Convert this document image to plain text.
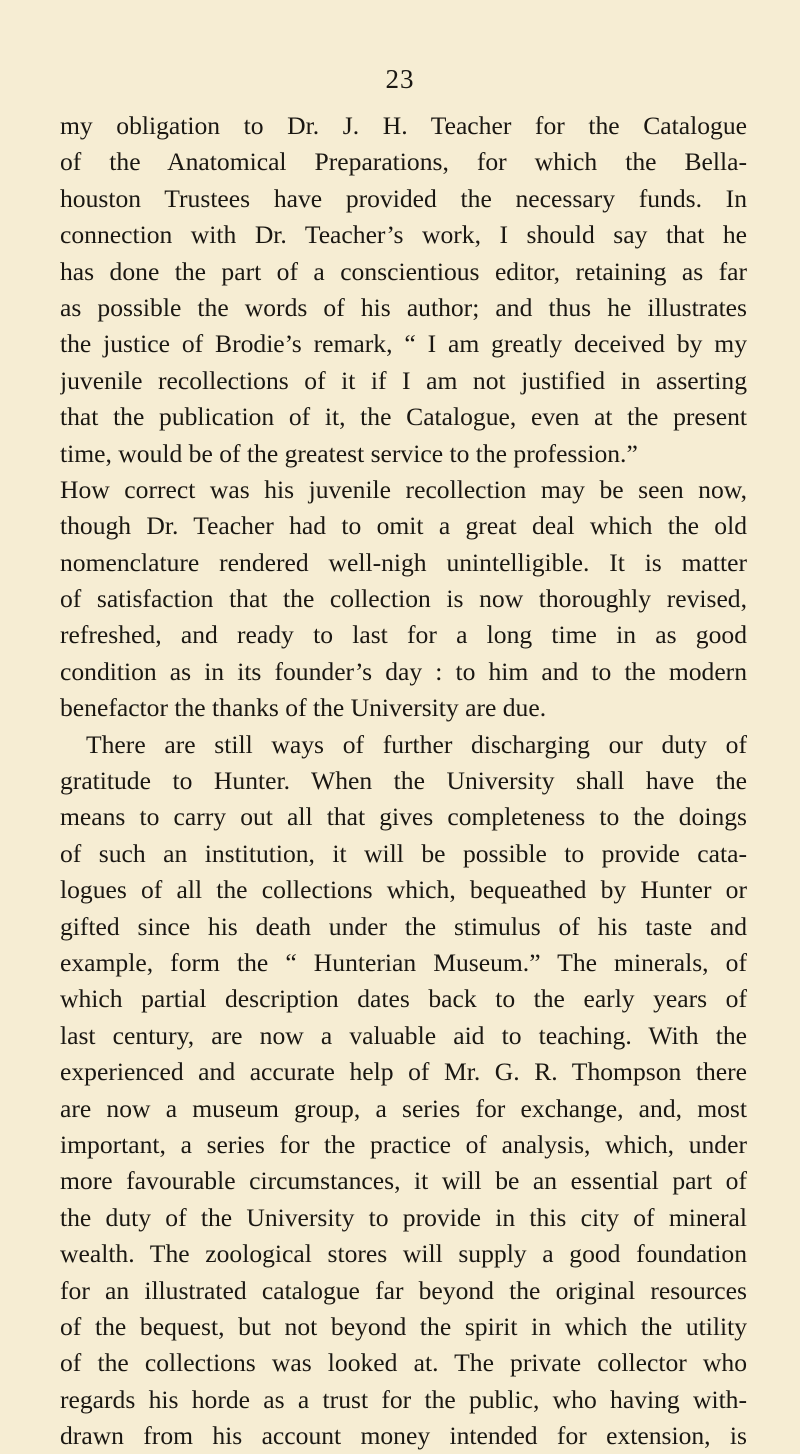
23
my obligation to Dr. J. H. Teacher for the Catalogue
of the Anatomical Preparations, for which the Bella-
houston Trustees have provided the necessary funds. In
connection with Dr. Teacher’s work, I should say that he
has done the part of a conscientious editor, retaining as far
as possible the words of his author; and thus he illustrates
the justice of Brodie’s remark, “ I am greatly deceived by my
juvenile recollections of it if I am not justified in asserting
that the publication of it, the Catalogue, even at the present
time, would be of the greatest service to the profession.”
How correct was his juvenile recollection may be seen now,
though Dr. Teacher had to omit a great deal which the old
nomenclature rendered well-nigh unintelligible. It is matter
of satisfaction that the collection is now thoroughly revised,
refreshed, and ready to last for a long time in as good
condition as in its founder’s day : to him and to the modern
benefactor the thanks of the University are due.
There are still ways of further discharging our duty of
gratitude to Hunter. When the University shall have the
means to carry out all that gives completeness to the doings
of such an institution, it will be possible to provide cata-
logues of all the collections which, bequeathed by Hunter or
gifted since his death under the stimulus of his taste and
example, form the “ Hunterian Museum.” The minerals, of
which partial description dates back to the early years of
last century, are now a valuable aid to teaching. With the
experienced and accurate help of Mr. G. R. Thompson there
are now a museum group, a series for exchange, and, most
important, a series for the practice of analysis, which, under
more favourable circumstances, it will be an essential part of
the duty of the University to provide in this city of mineral
wealth. The zoological stores will supply a good foundation
for an illustrated catalogue far beyond the original resources
of the bequest, but not beyond the spirit in which the utility
of the collections was looked at. The private collector who
regards his horde as a trust for the public, who having with-
drawn from his account money intended for extension, is
